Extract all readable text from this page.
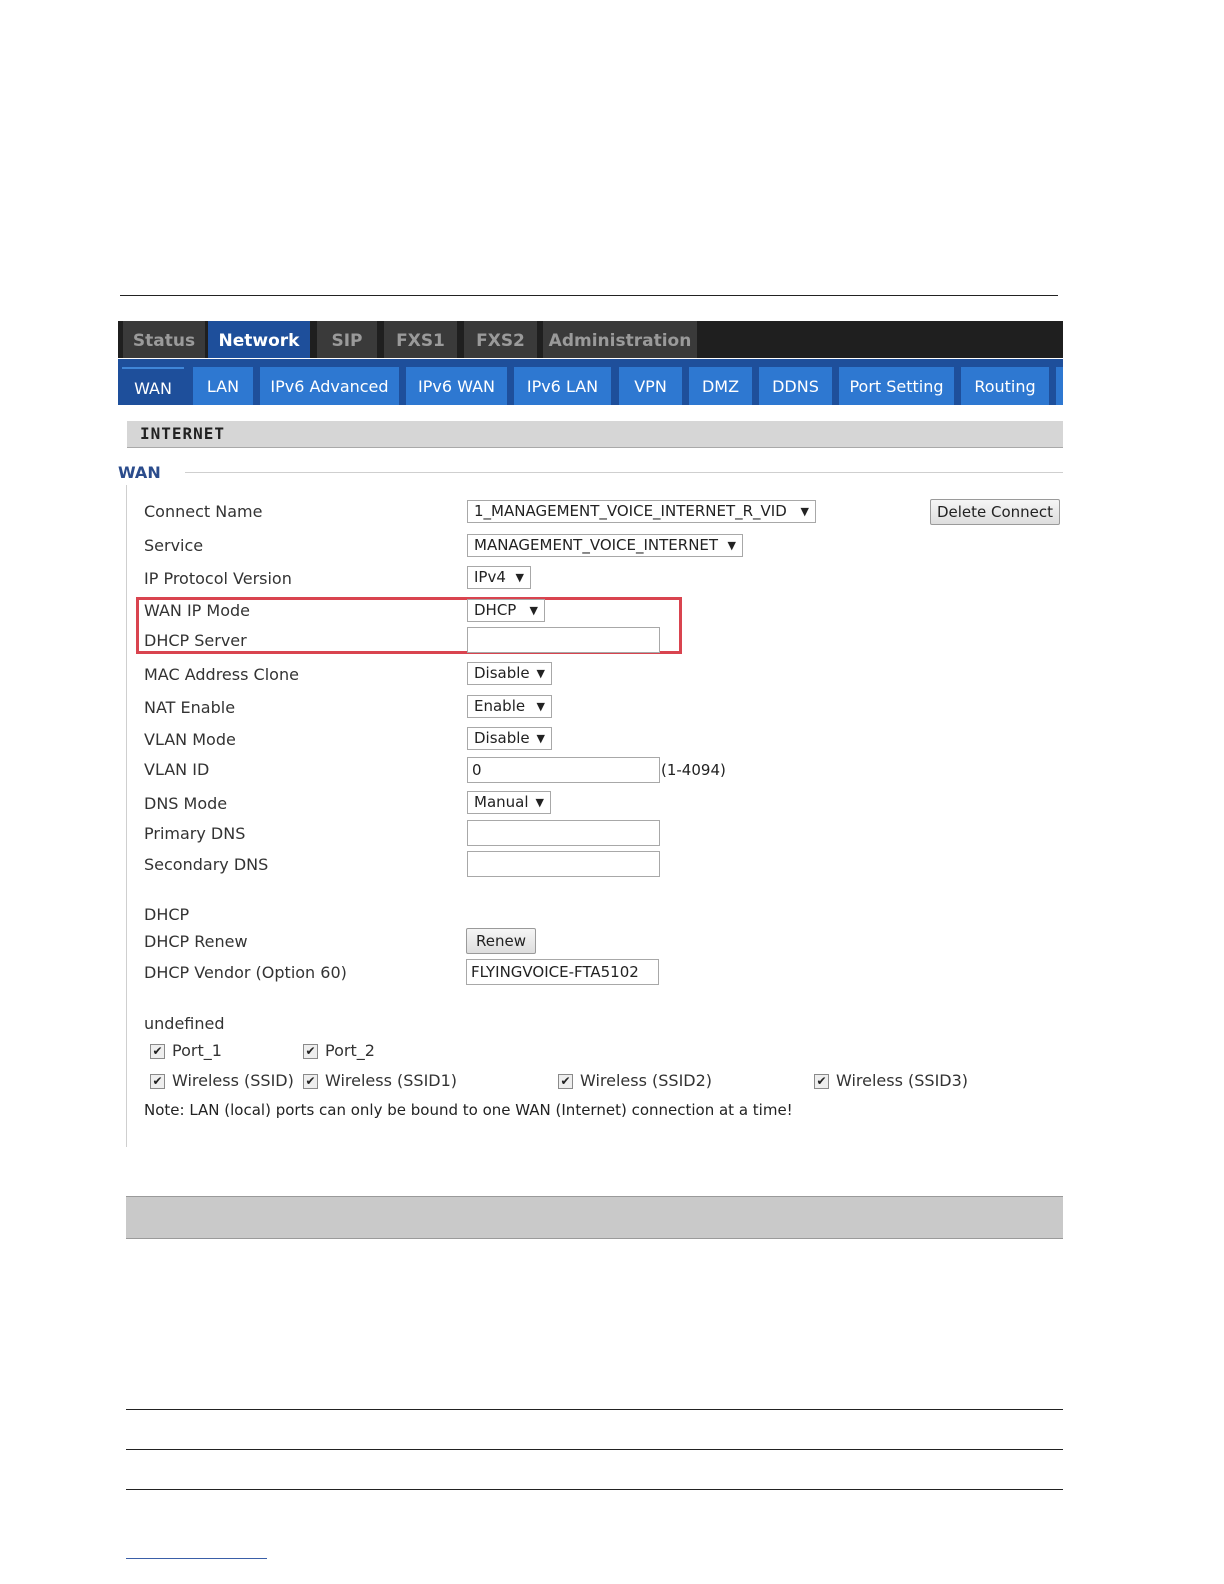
Status	Network	SIP	FXS1	FXS2	Administration
WAN	LAN	IPv6 Advanced	IPv6 WAN	IPv6 LAN	VPN	DMZ	DDNS	Port Setting	Routing
INTERNET
WAN
Connect Name	1_MANAGEMENT_VOICE_INTERNET_R_VID ▼	Delete Connect
Service	MANAGEMENT_VOICE_INTERNET ▼
IP Protocol Version	IPv4 ▼
WAN IP Mode	DHCP ▼
DHCP Server
MAC Address Clone	Disable ▼
NAT Enable	Enable ▼
VLAN Mode	Disable ▼
VLAN ID	0	(1-4094)
DNS Mode	Manual ▼
Primary DNS
Secondary DNS
DHCP
DHCP Renew	Renew
DHCP Vendor (Option 60)	FLYINGVOICE-FTA5102
undefined
✔ Port_1	✔ Port_2
✔ Wireless (SSID) ✔ Wireless (SSID1)	✔ Wireless (SSID2)	✔ Wireless (SSID3)
Note: LAN (local) ports can only be bound to one WAN (Internet) connection at a time!
